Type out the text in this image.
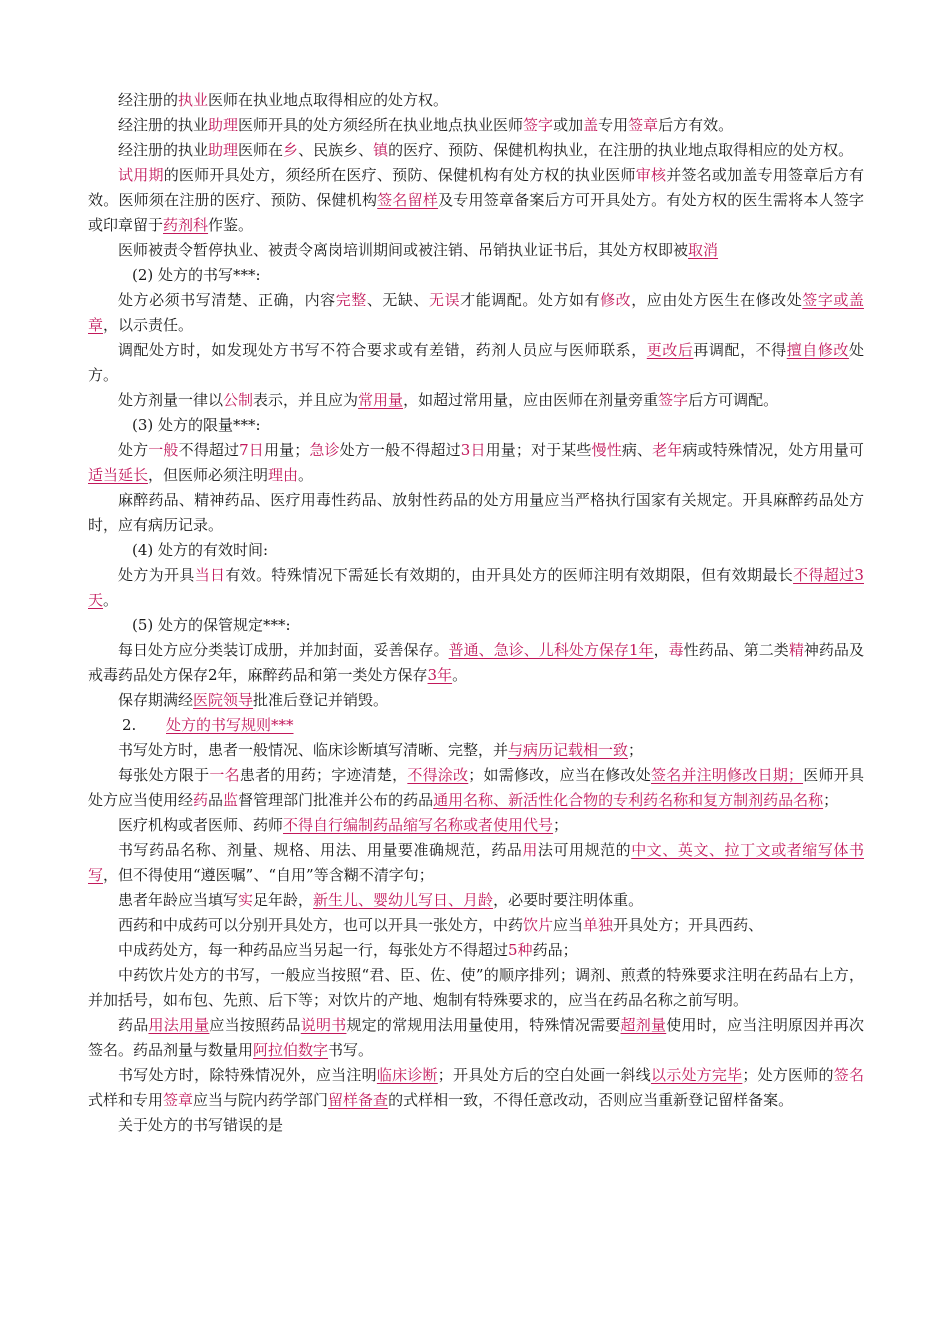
经注册的执业医师在执业地点取得相应的处方权。

经注册的执业助理医师开具的处方须经所在执业地点执业医师签字或加盖专用签章后方有效。

经注册的执业助理医师在乡、民族乡、镇的医疗、预防、保健机构执业，在注册的执业地点取得相应的处方权。

试用期的医师开具处方，须经所在医疗、预防、保健机构有处方权的执业医师审核并签名或加盖专用签章后方有效。医师须在注册的医疗、预防、保健机构签名留样及专用签章备案后方可开具处方。有处方权的医生需将本人签字或印章留于药剂科作鉴。

医师被责令暂停执业、被责令离岗培训期间或被注销、吊销执业证书后，其处方权即被取消

(2) 处方的书写***:

处方必须书写清楚、正确，内容完整、无缺、无误才能调配。处方如有修改，应由处方医生在修改处签字或盖章，以示责任。

调配处方时，如发现处方书写不符合要求或有差错，药剂人员应与医师联系，更改后再调配，不得擅自修改处方。

处方剂量一律以公制表示，并且应为常用量，如超过常用量，应由医师在剂量旁重签字后方可调配。

(3) 处方的限量***:

处方一般不得超过7日用量；急诊处方一般不得超过3日用量；对于某些慢性病、老年病或特殊情况，处方用量可适当延长，但医师必须注明理由。

麻醉药品、精神药品、医疗用毒性药品、放射性药品的处方用量应当严格执行国家有关规定。开具麻醉药品处方时，应有病历记录。

(4) 处方的有效时间:

处方为开具当日有效。特殊情况下需延长有效期的，由开具处方的医师注明有效期限，但有效期最长不得超过3天。

(5) 处方的保管规定***:

每日处方应分类装订成册，并加封面，妥善保存。普通、急诊、儿科处方保存1年，毒性药品、第二类精神药品及戒毒药品处方保存2年，麻醉药品和第一类处方保存3年。

保存期满经医院领导批准后登记并销毁。

2. 处方的书写规则***

书写处方时，患者一般情况、临床诊断填写清晰、完整，并与病历记载相一致；

每张处方限于一名患者的用药；字迹清楚，不得涂改；如需修改，应当在修改处签名并注明修改日期；医师开具处方应当使用经药品监督管理部门批准并公布的药品通用名称、新活性化合物的专利药名称和复方制剂药品名称；

医疗机构或者医师、药师不得自行编制药品缩写名称或者使用代号；

书写药品名称、剂量、规格、用法、用量要准确规范，药品用法可用规范的中文、英文、拉丁文或者缩写体书写，但不得使用“遵医嘱”、“自用”等含糊不清字句；

患者年龄应当填写实足年龄，新生儿、婴幼儿写日、月龄，必要时要注明体重。

西药和中成药可以分别开具处方，也可以开具一张处方，中药饮片应当单独开具处方；开具西药、

中成药处方，每一种药品应当另起一行，每张处方不得超过5种药品；

中药饮片处方的书写，一般应当按照“君、臣、佐、使”的顺序排列；调剂、煎煮的特殊要求注明在药品右上方，并加括号，如布包、先煎、后下等；对饮片的产地、炮制有特殊要求的，应当在药品名称之前写明。

药品用法用量应当按照药品说明书规定的常规用法用量使用，特殊情况需要超剂量使用时，应当注明原因并再次签名。药品剂量与数量用阿拉伯数字书写。

书写处方时，除特殊情况外，应当注明临床诊断；开具处方后的空白处画一斜线以示处方完毕；处方医师的签名式样和专用签章应当与院内药学部门留样备查的式样相一致，不得任意改动，否则应当重新登记留样备案。

关于处方的书写错误的是
